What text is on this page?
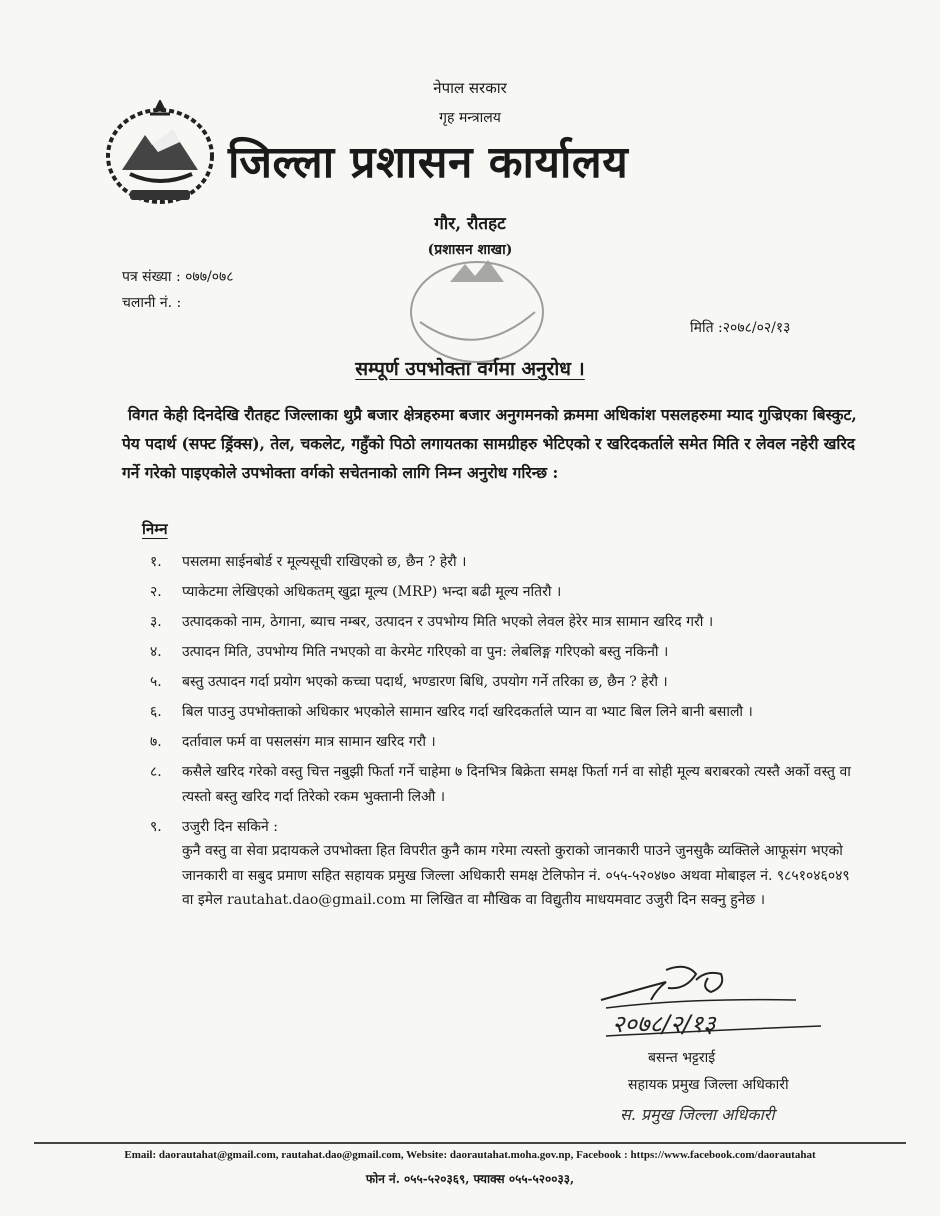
नेपाल सरकार
गृह मन्त्रालय
जिल्ला प्रशासन कार्यालय
गौर, रौतहट
(प्रशासन शाखा)
पत्र संख्या : ०७७/०७८
चलानी नं. :
मिति :२०७८/०२/१३
सम्पूर्ण उपभोक्ता वर्गमा अनुरोध ।
विगत केही दिनदेखि रौतहट जिल्लाका थुप्रै बजार क्षेत्रहरुमा बजार अनुगमनको क्रममा अधिकांश पसलहरुमा म्याद गुज्रिएका बिस्कुट, पेय पदार्थ (सफ्ट ड्रिंक्स), तेल, चकलेट, गहुँको पिठो लगायतका सामग्रीहरु भेटिएको र खरिदकर्ताले समेत मिति र लेवल नहेरी खरिद गर्ने गरेको पाइएकोले उपभोक्ता वर्गको सचेतनाको लागि निम्न अनुरोध गरिन्छ :
निम्न
१.	पसलमा साईनबोर्ड र मूल्यसूची राखिएको छ, छैन ? हेरौ ।
२.	प्याकेटमा लेखिएको अधिकतम् खुद्रा मूल्य (MRP) भन्दा बढी मूल्य नतिरौ ।
३.	उत्पादकको नाम, ठेगाना, ब्याच नम्बर, उत्पादन र उपभोग्य मिति भएको लेवल हेरेर मात्र सामान खरिद गरौ ।
४.	उत्पादन मिति, उपभोग्य मिति नभएको वा केरमेट गरिएको वा पुन: लेबलिङ्ग गरिएको बस्तु नकिनौ ।
५.	बस्तु उत्पादन गर्दा प्रयोग भएको कच्चा पदार्थ, भण्डारण बिधि, उपयोग गर्ने तरिका छ, छैन ? हेरौ ।
६.	बिल पाउनु उपभोक्ताको अधिकार भएकोले सामान खरिद गर्दा खरिदकर्ताले प्यान वा भ्याट बिल लिने बानी बसालौ ।
७.	दर्तावाल फर्म वा पसलसंग मात्र सामान खरिद गरौ ।
८.	कसैले खरिद गरेको वस्तु चित्त नबुझी फिर्ता गर्ने चाहेमा ७ दिनभित्र बिक्रेता समक्ष फिर्ता गर्न वा सोही मूल्य बराबरको त्यस्तै अर्को वस्तु वा त्यस्तो बस्तु खरिद गर्दा तिरेको रकम भुक्तानी लिऔ ।
९.	उजुरी दिन सकिने :
कुनै वस्तु वा सेवा प्रदायकले उपभोक्ता हित विपरीत कुनै काम गरेमा त्यस्तो कुराको जानकारी पाउने जुनसुकै व्यक्तिले आफूसंग भएको जानकारी वा सबुद प्रमाण सहित सहायक प्रमुख जिल्ला अधिकारी समक्ष टेलिफोन नं. ०५५-५२०४७० अथवा मोबाइल नं. ९८५१०४६०४९ वा इमेल rautahat.dao@gmail.com मा लिखित वा मौखिक वा विद्युतीय माधयमवाट उजुरी दिन सक्नु हुनेछ ।
२०७८/२/१३
बसन्त भट्टराई
सहायक प्रमुख जिल्ला अधिकारी
स. प्रमुख जिल्ला अधिकारी
Email: daorautahat@gmail.com, rautahat.dao@gmail.com, Website: daorautahat.moha.gov.np, Facebook : https://www.facebook.com/daorautahat
फोन नं. ०५५-५२०३६९, फ्याक्स ०५५-५२००३३,
